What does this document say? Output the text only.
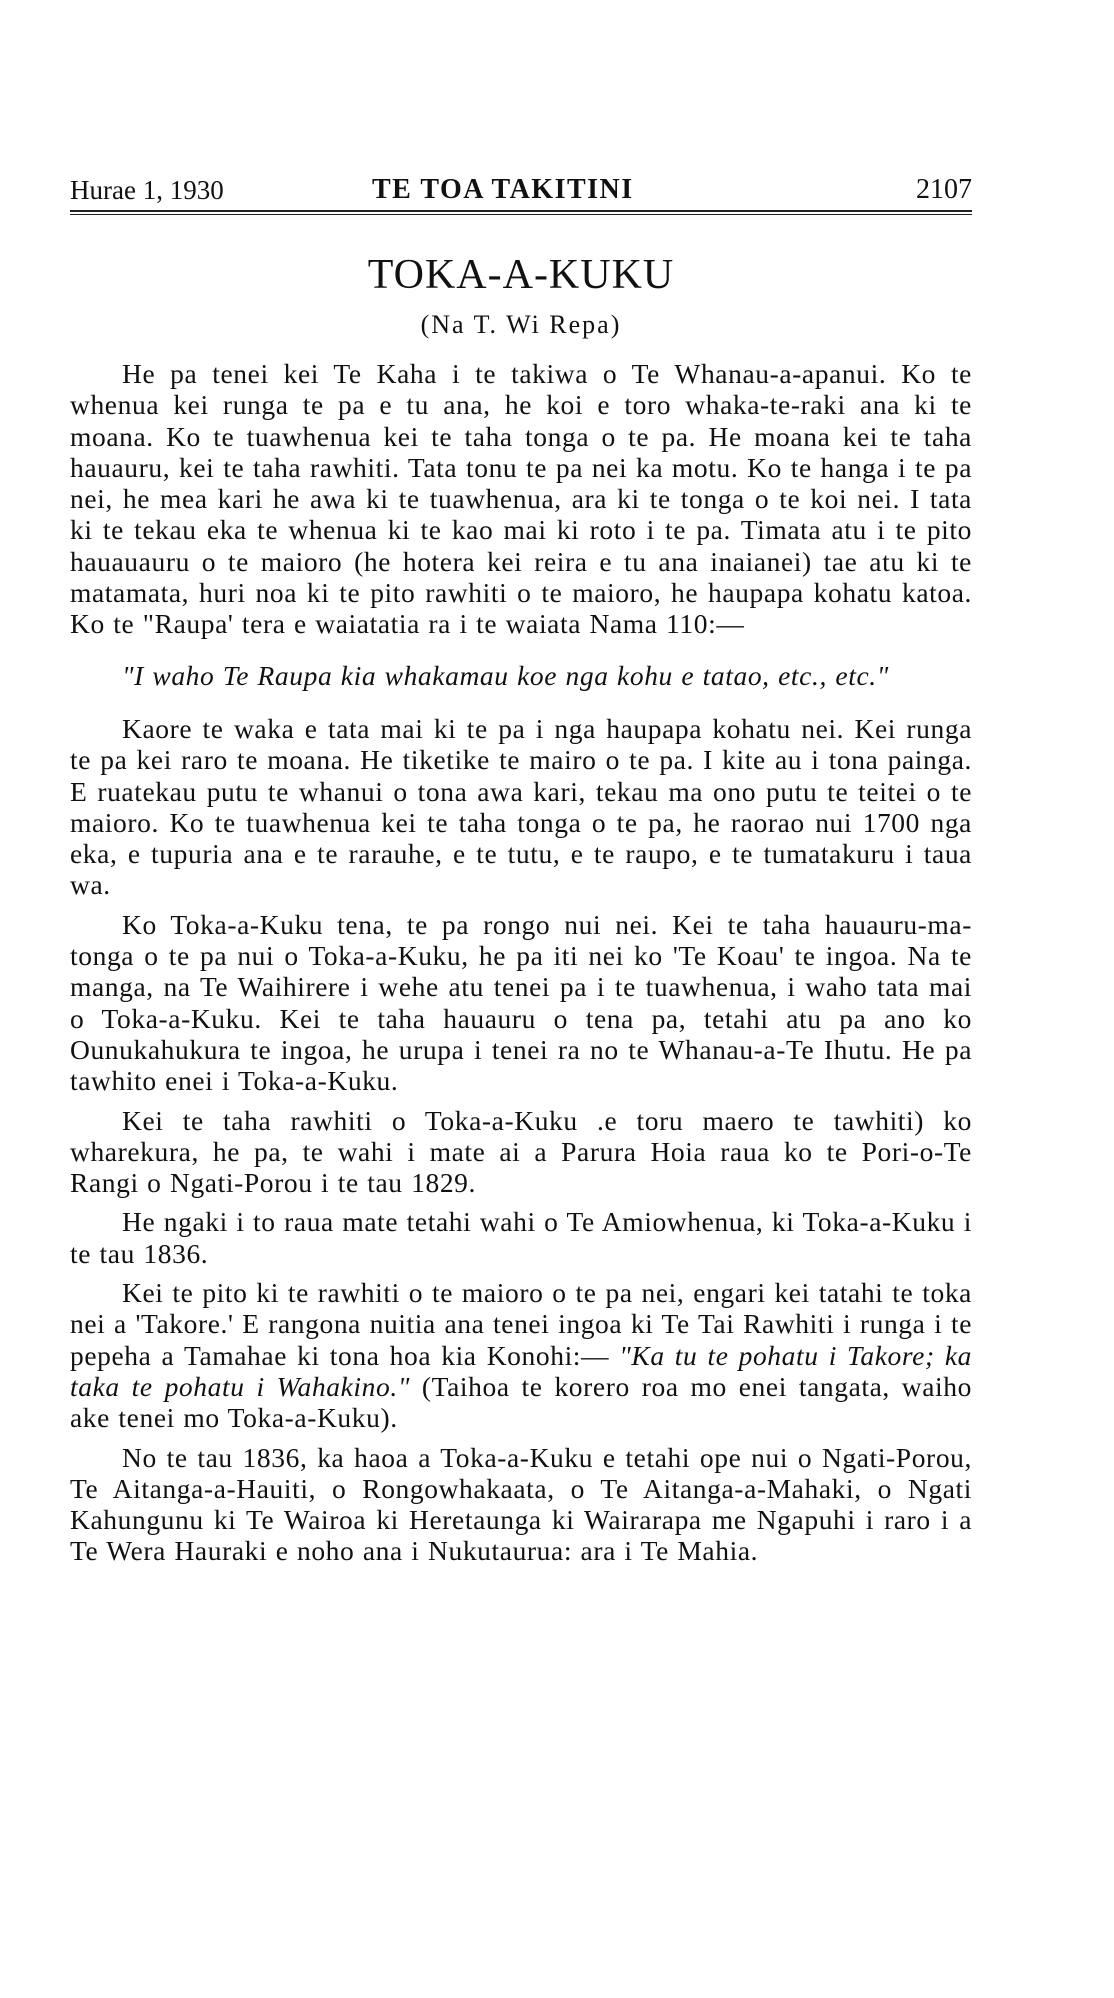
Hurae 1, 1930	TE TOA TAKITINI	2107
TOKA-A-KUKU
(Na T. Wi Repa)

He pa tenei kei Te Kaha i te takiwa o Te Whanau-a-apanui. Ko te whenua kei runga te pa e tu ana, he koi e toro whaka-te-raki ana ki te moana. Ko te tuawhenua kei te taha tonga o te pa. He moana kei te taha hauauru, kei te taha rawhiti. Tata tonu te pa nei ka motu. Ko te hanga i te pa nei, he mea kari he awa ki te tuawhenua, ara ki te tonga o te koi nei. I tata ki te tekau eka te whenua ki te kao mai ki roto i te pa. Timata atu i te pito hauauauru o te maioro (he hotera kei reira e tu ana inaianei) tae atu ki te matamata, huri noa ki te pito rawhiti o te maioro, he haupapa kohatu katoa. Ko te "Raupa' tera e waiatatia ra i te waiata Nama 110:—

"I waho Te Raupa kia whakamau koe nga kohu e tatao, etc., etc."

Kaore te waka e tata mai ki te pa i nga haupapa kohatu nei. Kei runga te pa kei raro te moana. He tiketike te mairo o te pa. I kite au i tona painga. E ruatekau putu te whanui o tona awa kari, tekau ma ono putu te teitei o te maioro. Ko te tuawhenua kei te taha tonga o te pa, he raorao nui 1700 nga eka, e tupuria ana e te rarauhe, e te tutu, e te raupo, e te tumatakuru i taua wa.

Ko Toka-a-Kuku tena, te pa rongo nui nei. Kei te taha hauauru-ma-tonga o te pa nui o Toka-a-Kuku, he pa iti nei ko 'Te Koau' te ingoa. Na te manga, na Te Waihirere i wehe atu tenei pa i te tuawhenua, i waho tata mai o Toka-a-Kuku. Kei te taha hauauru o tena pa, tetahi atu pa ano ko Ounukahukura te ingoa, he urupa i tenei ra no te Whanau-a-Te Ihutu. He pa tawhito enei i Toka-a-Kuku.

Kei te taha rawhiti o Toka-a-Kuku .e toru maero te tawhiti) ko wharekura, he pa, te wahi i mate ai a Parura Hoia raua ko te Pori-o-Te Rangi o Ngati-Porou i te tau 1829.

He ngaki i to raua mate tetahi wahi o Te Amiowhenua, ki Toka-a-Kuku i te tau 1836.

Kei te pito ki te rawhiti o te maioro o te pa nei, engari kei tatahi te toka nei a 'Takore.' E rangona nuitia ana tenei ingoa ki Te Tai Rawhiti i runga i te pepeha a Tamahae ki tona hoa kia Konohi:— "Ka tu te pohatu i Takore; ka taka te pohatu i Wahakino." (Taihoa te korero roa mo enei tangata, waiho ake tenei mo Toka-a-Kuku).

No te tau 1836, ka haoa a Toka-a-Kuku e tetahi ope nui o Ngati-Porou, Te Aitanga-a-Hauiti, o Rongowhakaata, o Te Aitanga-a-Mahaki, o Ngati Kahungunu ki Te Wairoa ki Heretaunga ki Wairarapa me Ngapuhi i raro i a Te Wera Hauraki e noho ana i Nukutaurua: ara i Te Mahia.
